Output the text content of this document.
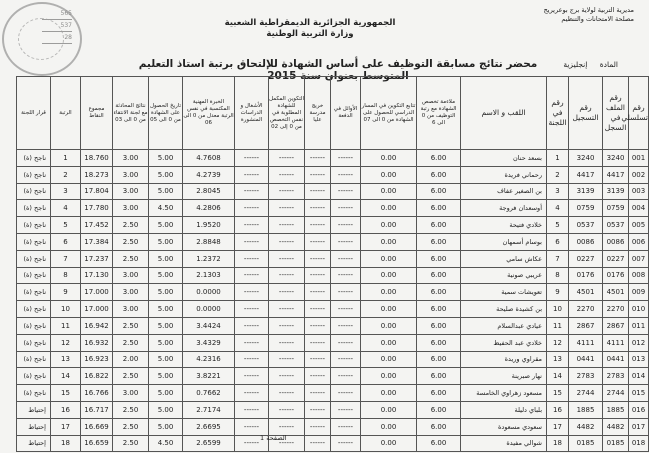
565
537
28
مديرية التربية لولاية برج بوعريريج
مصلحة الامتحانات والتنظيم
الجمهورية الجزائرية الديمقراطية الشعبية
وزارة التربية الوطنية
محضر نتائج مسابقة التوظيف على أساس الشهادة للإلتحاق برتبة استاذ التعليم المتوسط بعنوان سنة 2015
المادة إنجليزية
رقم تسلسلي	رقم الملف في السجل	رقم التسجيل	رقم في اللجنة	اللقب و الاسم	ملاءمة تخصص الشهادة مع رتبة التوظيف من 0 الى 6	تتابع التكوين في المسار الدراسي للحصول على الشهادة من 0 الى 07	الأوائل في الدفعة	خريج مدرسة عليا	التكوين المكمل للشهادة المطلوبة في نفس التخصص من 0 إلى 02	الأشغال و الدراسات المنشورة	الخبرة المهنية المكتسبة في نفس الرتبة معدل من 0 الى 06	تاريخ الحصول على الشهادة من 0 الى 05	نتائج المحادثة مع لجنة الانتقاء من 0 الى 03	مجموع النقاط	الرتبة	قرار اللجنة
001	3240	3240	1	بسعد حنان	6.00	0.00	------	------	------	------	4.7608	5.00	3.00	18.760	1	ناجح (ة)
002	4417	4417	2	رحماني فريدة	6.00	0.00	------	------	------	------	4.2739	5.00	3.00	18.273	2	ناجح (ة)
003	3139	3139	3	بن الصغير عفاف	6.00	0.00	------	------	------	------	2.8045	5.00	3.00	17.804	3	ناجح (ة)
004	0759	0759	4	أوسعدان فروجة	6.00	0.00	------	------	------	------	4.2806	4.50	3.00	17.780	4	ناجح (ة)
005	0537	0537	5	خلادي فتيحة	6.00	0.00	------	------	------	------	1.9520	5.00	2.50	17.452	5	ناجح (ة)
006	0086	0086	6	بوسام أسمهان	6.00	0.00	------	------	------	------	2.8848	5.00	2.50	17.384	6	ناجح (ة)
007	0227	0227	7	عكاش سامي	6.00	0.00	------	------	------	------	1.2372	5.00	2.50	17.237	7	ناجح (ة)
008	0176	0176	8	عريبي صونية	6.00	0.00	------	------	------	------	2.1303	5.00	3.00	17.130	8	ناجح (ة)
009	4501	4501	9	تعويشات سمية	6.00	0.00	------	------	------	------	0.0000	5.00	3.00	17.000	9	ناجح (ة)
010	2270	2270	10	بن كشيدة صليحة	6.00	0.00	------	------	------	------	0.0000	5.00	3.00	17.000	10	ناجح (ة)
011	2867	2867	11	عيادي عبدالسلام	6.00	0.00	------	------	------	------	3.4424	5.00	2.50	16.942	11	ناجح (ة)
012	4111	4111	12	خلادي عبد الحفيظ	6.00	0.00	------	------	------	------	3.4329	5.00	2.50	16.932	12	ناجح (ة)
013	0441	0441	13	مقراوي وريدة	6.00	0.00	------	------	------	------	4.2316	5.00	2.00	16.923	13	ناجح (ة)
014	2783	2783	14	نهار صبرينة	6.00	0.00	------	------	------	------	3.8221	5.00	2.50	16.822	14	ناجح (ة)
015	2744	2744	15	مسعود زهراوي الخامسة	6.00	0.00	------	------	------	------	0.7662	5.00	3.00	16.766	15	ناجح (ة)
016	1885	1885	16	بلباي دليلة	6.00	0.00	------	------	------	------	2.7174	5.00	2.50	16.717	16	إحتياط
017	4482	4482	17	سعودي مسعودة	6.00	0.00	------	------	------	------	2.6695	5.00	2.50	16.669	17	إحتياط
018	0185	0185	18	شوالي مفيدة	6.00	0.00	------	------	------	------	2.6599	4.50	2.50	16.659	18	إحتياط
الصفحة 1
